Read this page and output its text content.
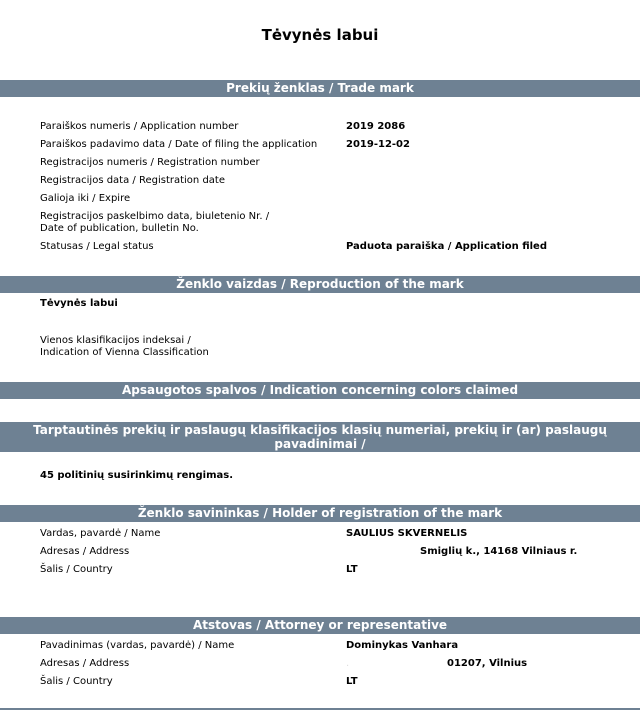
Tėvynės labui
Prekių ženklas / Trade mark
Paraiškos numeris / Application number	2019 2086
Paraiškos padavimo data / Date of filing the application	2019-12-02
Registracijos numeris / Registration number
Registracijos data / Registration date
Galioja iki / Expire
Registracijos paskelbimo data, biuletenio Nr. /
Date of publication, bulletin No.
Statusas / Legal status	Paduota paraiška / Application filed
Ženklo vaizdas / Reproduction of the mark
Tėvynės labui
Vienos klasifikacijos indeksai /
Indication of Vienna Classification
Apsaugotos spalvos / Indication concerning colors claimed
Tarptautinės prekių ir paslaugų klasifikacijos klasių numeriai, prekių ir (ar) paslaugų pavadinimai /
Indication of International Classification of Goods and Services, list of goods and (or) services
45 politinių susirinkimų rengimas.
Ženklo savininkas / Holder of registration of the mark
Vardas, pavardė / Name	SAULIUS SKVERNELIS
Adresas / Address	Smiglių k., 14168 Vilniaus r.
Šalis / Country	LT
Atstovas / Attorney or representative
Pavadinimas (vardas, pavardė) / Name	Dominykas Vanhara
Adresas / Address	.	01207, Vilnius
Šalis / Country	LT
